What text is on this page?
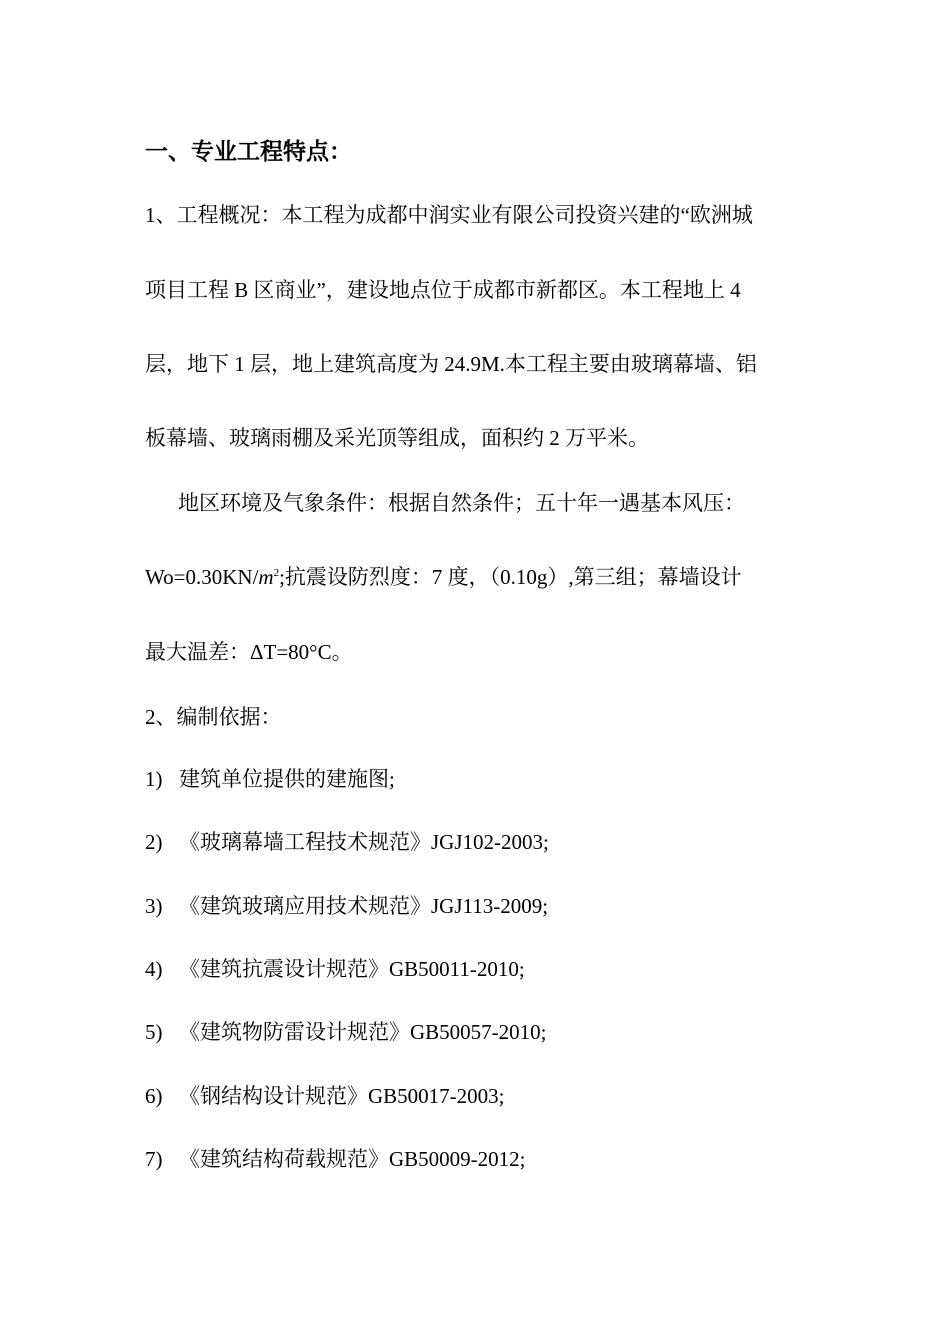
一、专业工程特点：
1、工程概况：本工程为成都中润实业有限公司投资兴建的“欧洲城
项目工程 B 区商业”，建设地点位于成都市新都区。本工程地上 4
层，地下 1 层，地上建筑高度为 24.9M.本工程主要由玻璃幕墙、铝
板幕墙、玻璃雨棚及采光顶等组成，面积约 2 万平米。
地区环境及气象条件：根据自然条件；五十年一遇基本风压：
$Wo=0.30KN/m^2$;抗震设防烈度：7 度，（0.10g）,第三组；幕墙设计
最大温差：ΔT=80°C。
2、编制依据：
1) 建筑单位提供的建施图;
2) 《玻璃幕墙工程技术规范》JGJ102-2003;
3) 《建筑玻璃应用技术规范》JGJ113-2009;
4) 《建筑抗震设计规范》GB50011-2010;
5) 《建筑物防雷设计规范》GB50057-2010;
6) 《钢结构设计规范》GB50017-2003;
7) 《建筑结构荷载规范》GB50009-2012;
